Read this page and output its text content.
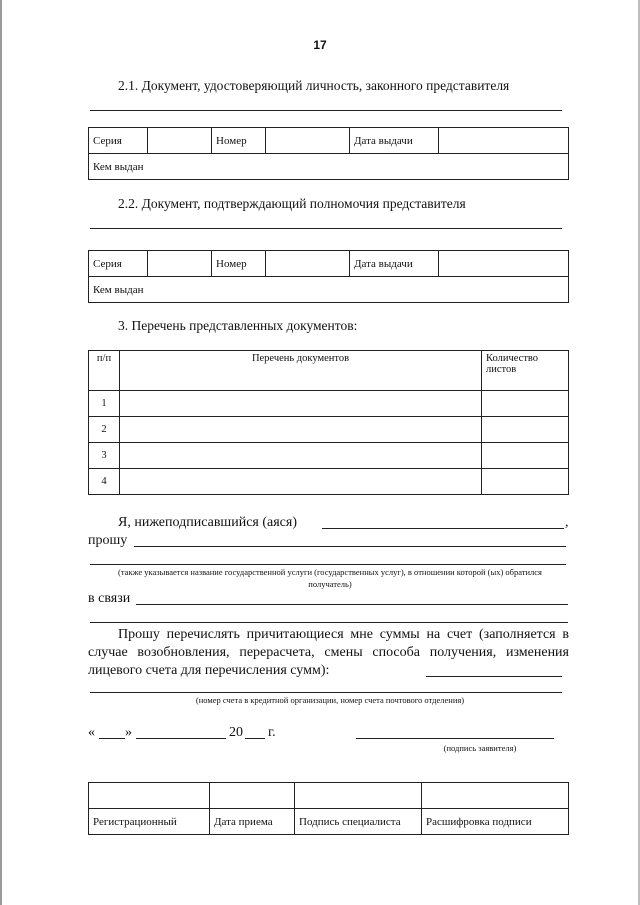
17
2.1. Документ, удостоверяющий личность, законного представителя
Серия		Номер		Дата выдачи	
Кем выдан
2.2. Документ, подтверждающий полномочия представителя
Серия		Номер		Дата выдачи	
Кем выдан
3. Перечень представленных документов:
п/п	Перечень документов	Количество листов
1		
2		
3		
4		
Я, нижеподписавшийся (аяся)	,
прошу
(также указывается название государственной услуги (государственных услуг), в отношении которой (ых) обратился получатель)
в связи
Прошу перечислять причитающиеся мне суммы на счет (заполняется в случае возобновления, перерасчета, смены способа получения, изменения лицевого счета для перечисления сумм):
(номер счета в кредитной организации, номер счета почтового отделения)
« »	20 г.
(подпись заявителя)

Регистрационный	Дата приема	Подпись специалиста	Расшифровка подписи
